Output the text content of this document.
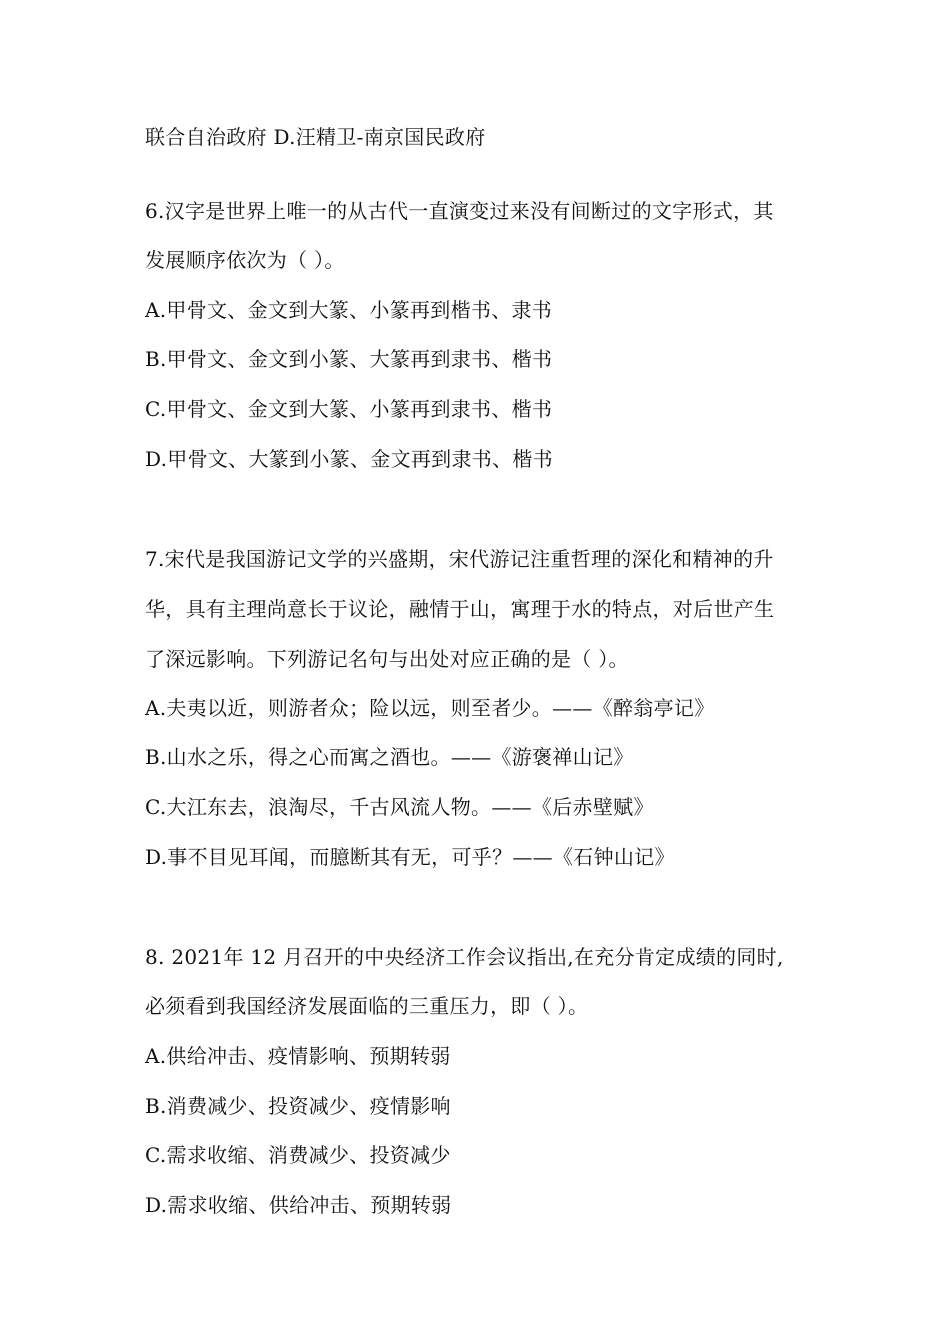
联合自治政府 D.汪精卫-南京国民政府
6.汉字是世界上唯一的从古代一直演变过来没有间断过的文字形式，其
发展顺序依次为（ ）。
A.甲骨文、金文到大篆、小篆再到楷书、隶书
B.甲骨文、金文到小篆、大篆再到隶书、楷书
C.甲骨文、金文到大篆、小篆再到隶书、楷书
D.甲骨文、大篆到小篆、金文再到隶书、楷书
7.宋代是我国游记文学的兴盛期，宋代游记注重哲理的深化和精神的升
华，具有主理尚意长于议论，融情于山，寓理于水的特点，对后世产生
了深远影响。下列游记名句与出处对应正确的是（ ）。
A.夫夷以近，则游者众；险以远，则至者少。——《醉翁亭记》
B.山水之乐，得之心而寓之酒也。——《游褒禅山记》
C.大江东去，浪淘尽，千古风流人物。——《后赤壁赋》
D.事不目见耳闻，而臆断其有无，可乎？——《石钟山记》
8. 2021年 12 月召开的中央经济工作会议指出,在充分肯定成绩的同时,
必须看到我国经济发展面临的三重压力，即（ ）。
A.供给冲击、疫情影响、预期转弱
B.消费减少、投资减少、疫情影响
C.需求收缩、消费减少、投资减少
D.需求收缩、供给冲击、预期转弱
